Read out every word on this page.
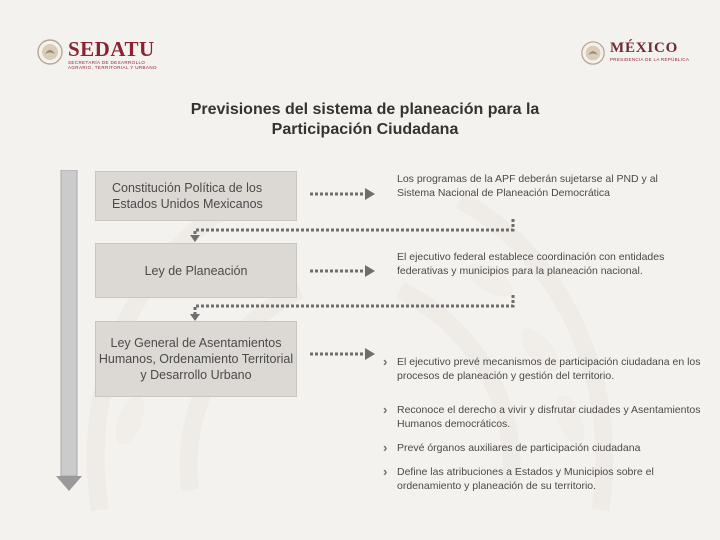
SEDATU
SECRETARÍA DE DESARROLLO
AGRARIO, TERRITORIAL Y URBANO
MÉXICO
PRESIDENCIA DE LA REPÚBLICA
Previsiones del sistema de planeación para la
Participación Ciudadana
Constitución Política de los Estados Unidos Mexicanos
Ley de Planeación
Ley General de Asentamientos Humanos, Ordenamiento Territorial y Desarrollo Urbano
Los programas de la APF deberán sujetarse al PND y al Sistema Nacional de Planeación Democrática
El ejecutivo federal establece coordinación con entidades federativas y municipios para la planeación nacional.
› El ejecutivo prevé mecanismos de participación ciudadana en los procesos de planeación y gestión del territorio.
› Reconoce el derecho a vivir y disfrutar ciudades y Asentamientos Humanos democráticos.
› Prevé órganos auxiliares de participación ciudadana
› Define las atribuciones a Estados y Municipios sobre el ordenamiento y planeación de su territorio.
